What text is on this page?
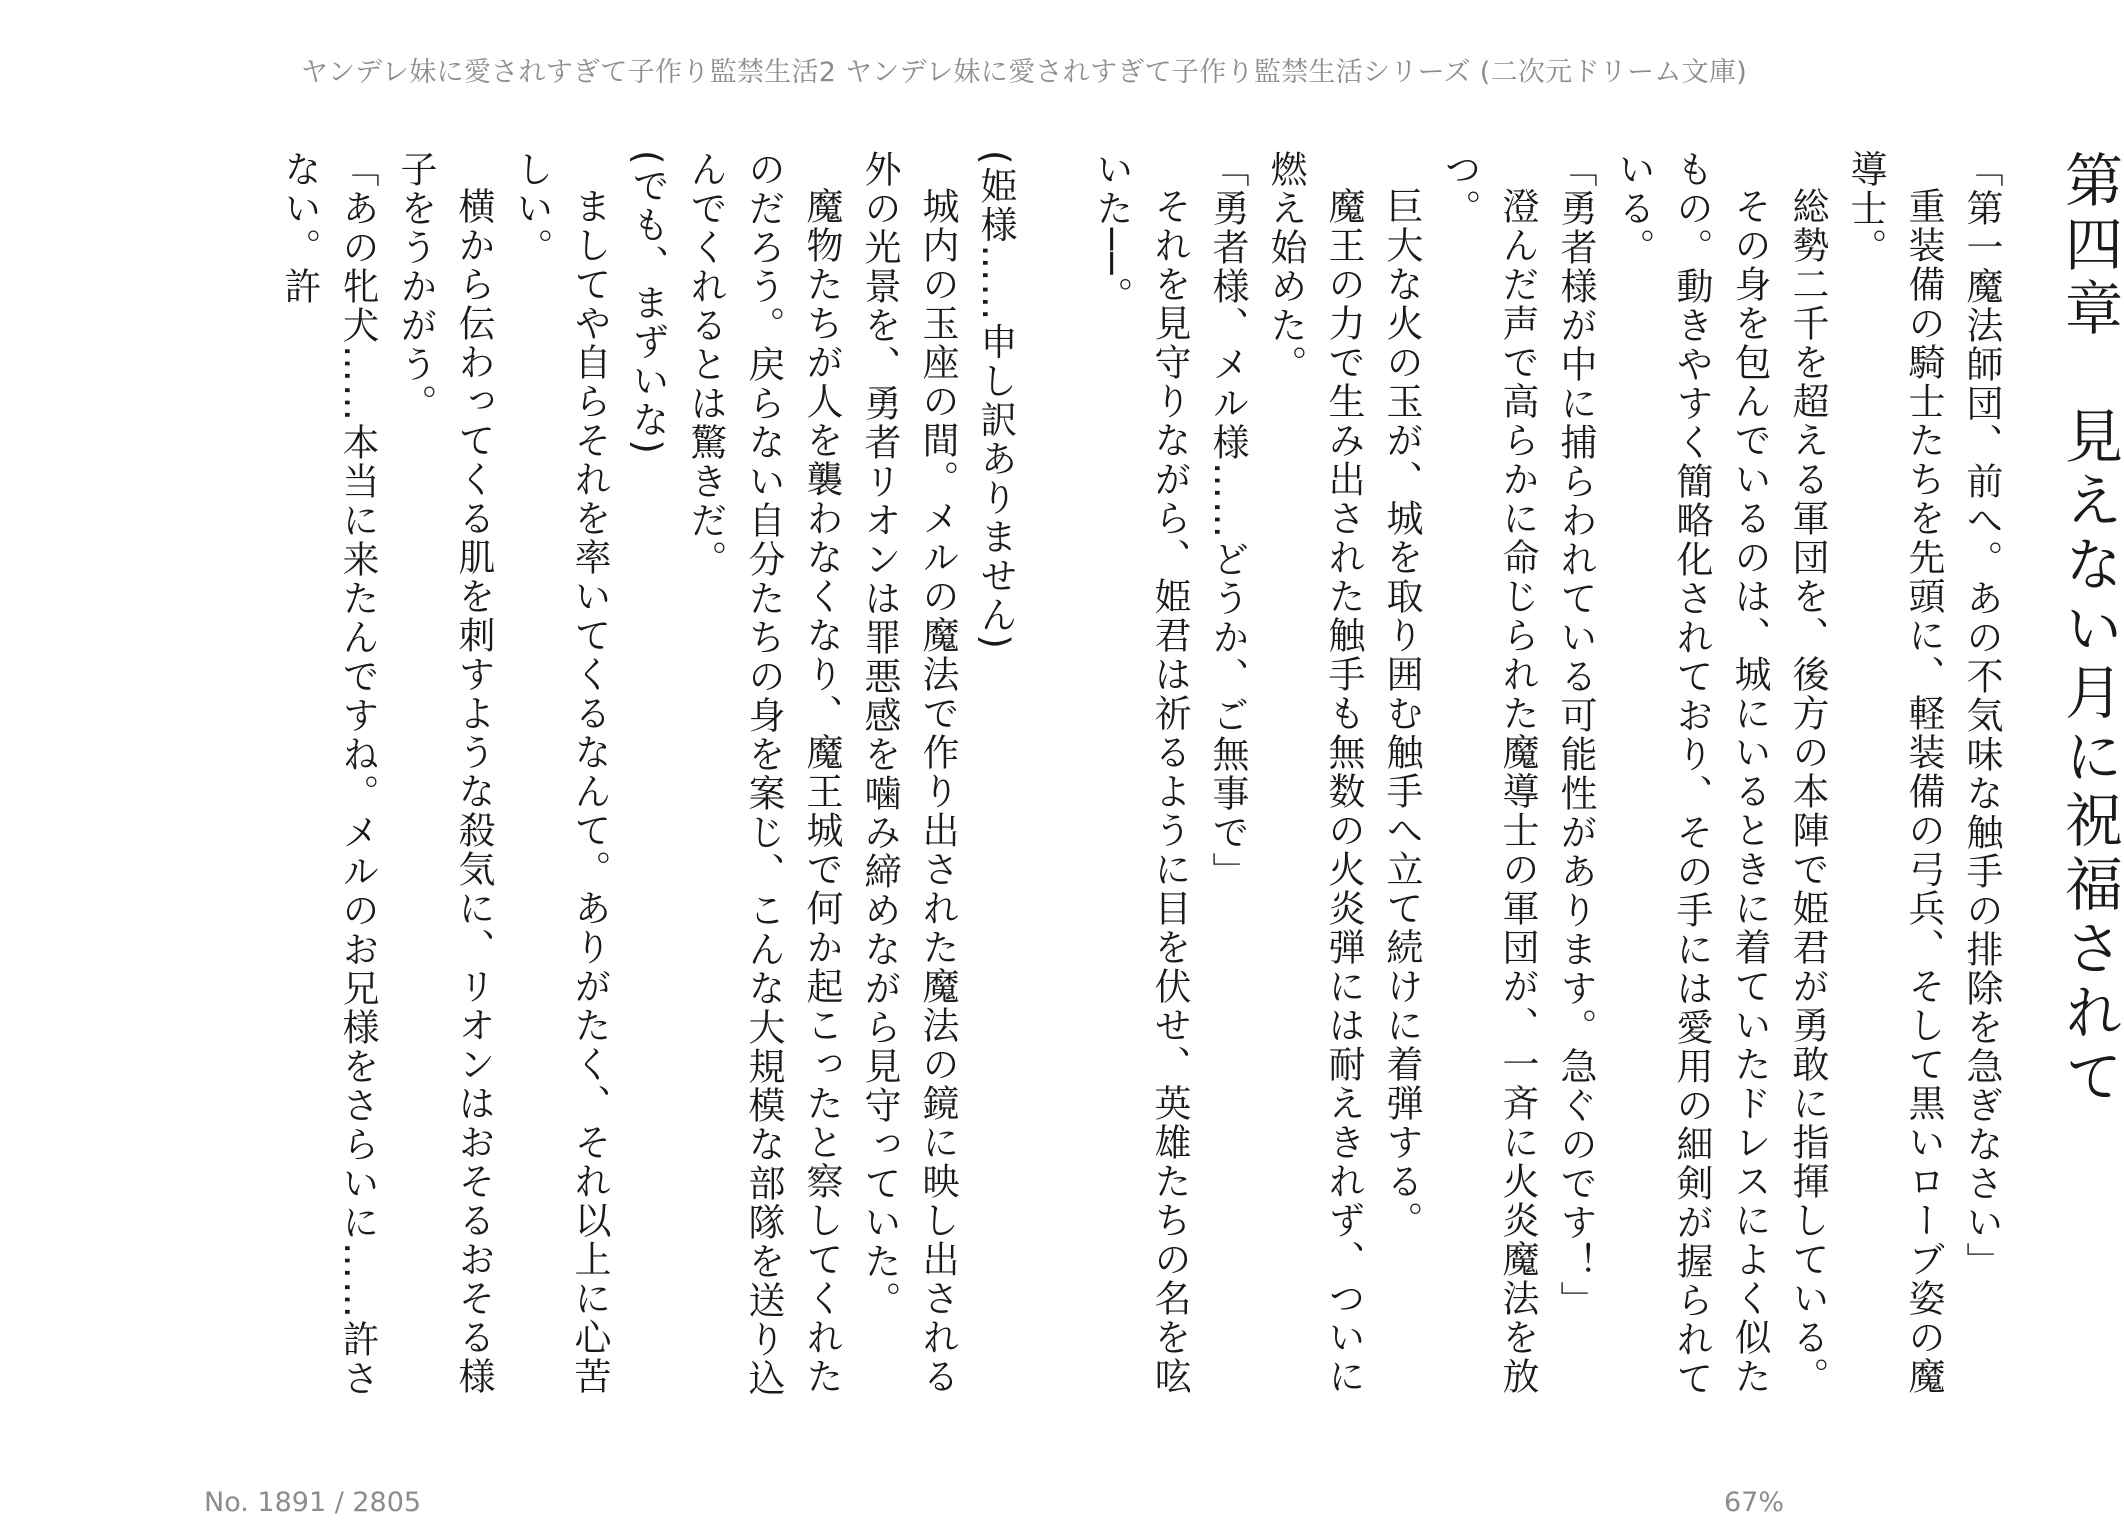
ヤンデレ妹に愛されすぎて子作り監禁生活2 ヤンデレ妹に愛されすぎて子作り監禁生活シリーズ (二次元ドリーム文庫)
第四章　見えない月に祝福されて

「第一魔法師団、前へ。あの不気味な触手の排除を急ぎなさい」

重装備の騎士たちを先頭に、軽装備の弓兵、そして黒いローブ姿の魔導士。

総勢二千を超える軍団を、後方の本陣で姫君が勇敢に指揮している。

その身を包んでいるのは、城にいるときに着ていたドレスによく似たもの。動きやすく簡略化されており、その手には愛用の細剣が握られている。

「勇者様が中に捕らわれている可能性があります。急ぐのです！」

澄んだ声で高らかに命じられた魔導士の軍団が、一斉に火炎魔法を放つ。

巨大な火の玉が、城を取り囲む触手へ立て続けに着弾する。

魔王の力で生み出された触手も無数の火炎弾には耐えきれず、ついに燃え始めた。

「勇者様、メル様……どうか、ご無事で」

それを見守りながら、姫君は祈るように目を伏せ、英雄たちの名を呟いた──。

(姫様……申し訳ありません)

城内の玉座の間。メルの魔法で作り出された魔法の鏡に映し出される外の光景を、勇者リオンは罪悪感を噛み締めながら見守っていた。

魔物たちが人を襲わなくなり、魔王城で何か起こったと察してくれたのだろう。戻らない自分たちの身を案じ、こんな大規模な部隊を送り込んでくれるとは驚きだ。

(でも、まずいな)

ましてや自らそれを率いてくるなんて。ありがたく、それ以上に心苦しい。

横から伝わってくる肌を刺すような殺気に、リオンはおそるおそる様子をうかがう。

「あの牝犬……本当に来たんですね。メルのお兄様をさらいに……許さない。許

No. 1891 / 2805	67%
